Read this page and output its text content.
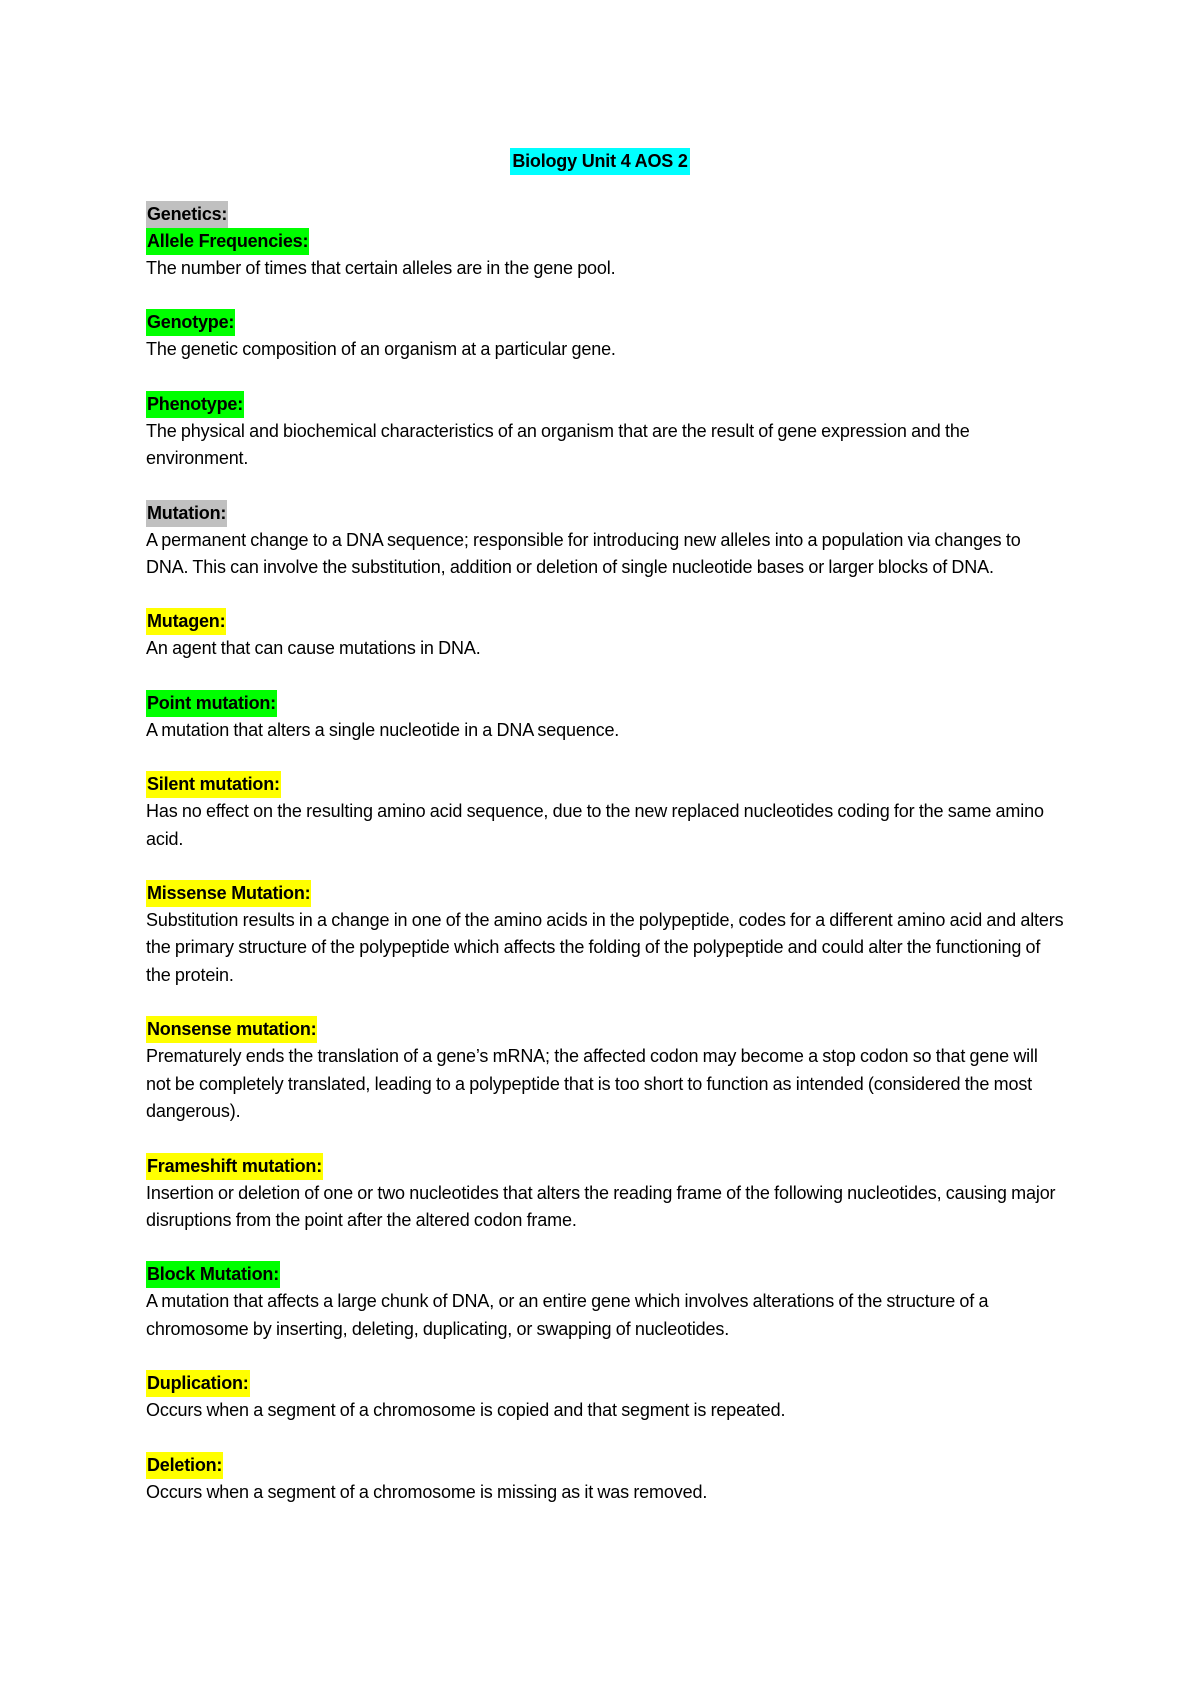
Biology Unit 4 AOS 2
Genetics:
Allele Frequencies:
The number of times that certain alleles are in the gene pool.
Genotype:
The genetic composition of an organism at a particular gene.
Phenotype:
The physical and biochemical characteristics of an organism that are the result of gene expression and the environment.
Mutation:
A permanent change to a DNA sequence; responsible for introducing new alleles into a population via changes to DNA. This can involve the substitution, addition or deletion of single nucleotide bases or larger blocks of DNA.
Mutagen:
An agent that can cause mutations in DNA.
Point mutation:
A mutation that alters a single nucleotide in a DNA sequence.
Silent mutation:
Has no effect on the resulting amino acid sequence, due to the new replaced nucleotides coding for the same amino acid.
Missense Mutation:
Substitution results in a change in one of the amino acids in the polypeptide, codes for a different amino acid and alters the primary structure of the polypeptide which affects the folding of the polypeptide and could alter the functioning of the protein.
Nonsense mutation:
Prematurely ends the translation of a gene’s mRNA; the affected codon may become a stop codon so that gene will not be completely translated, leading to a polypeptide that is too short to function as intended (considered the most dangerous).
Frameshift mutation:
Insertion or deletion of one or two nucleotides that alters the reading frame of the following nucleotides, causing major disruptions from the point after the altered codon frame.
Block Mutation:
A mutation that affects a large chunk of DNA, or an entire gene which involves alterations of the structure of a chromosome by inserting, deleting, duplicating, or swapping of nucleotides.
Duplication:
Occurs when a segment of a chromosome is copied and that segment is repeated.
Deletion:
Occurs when a segment of a chromosome is missing as it was removed.
